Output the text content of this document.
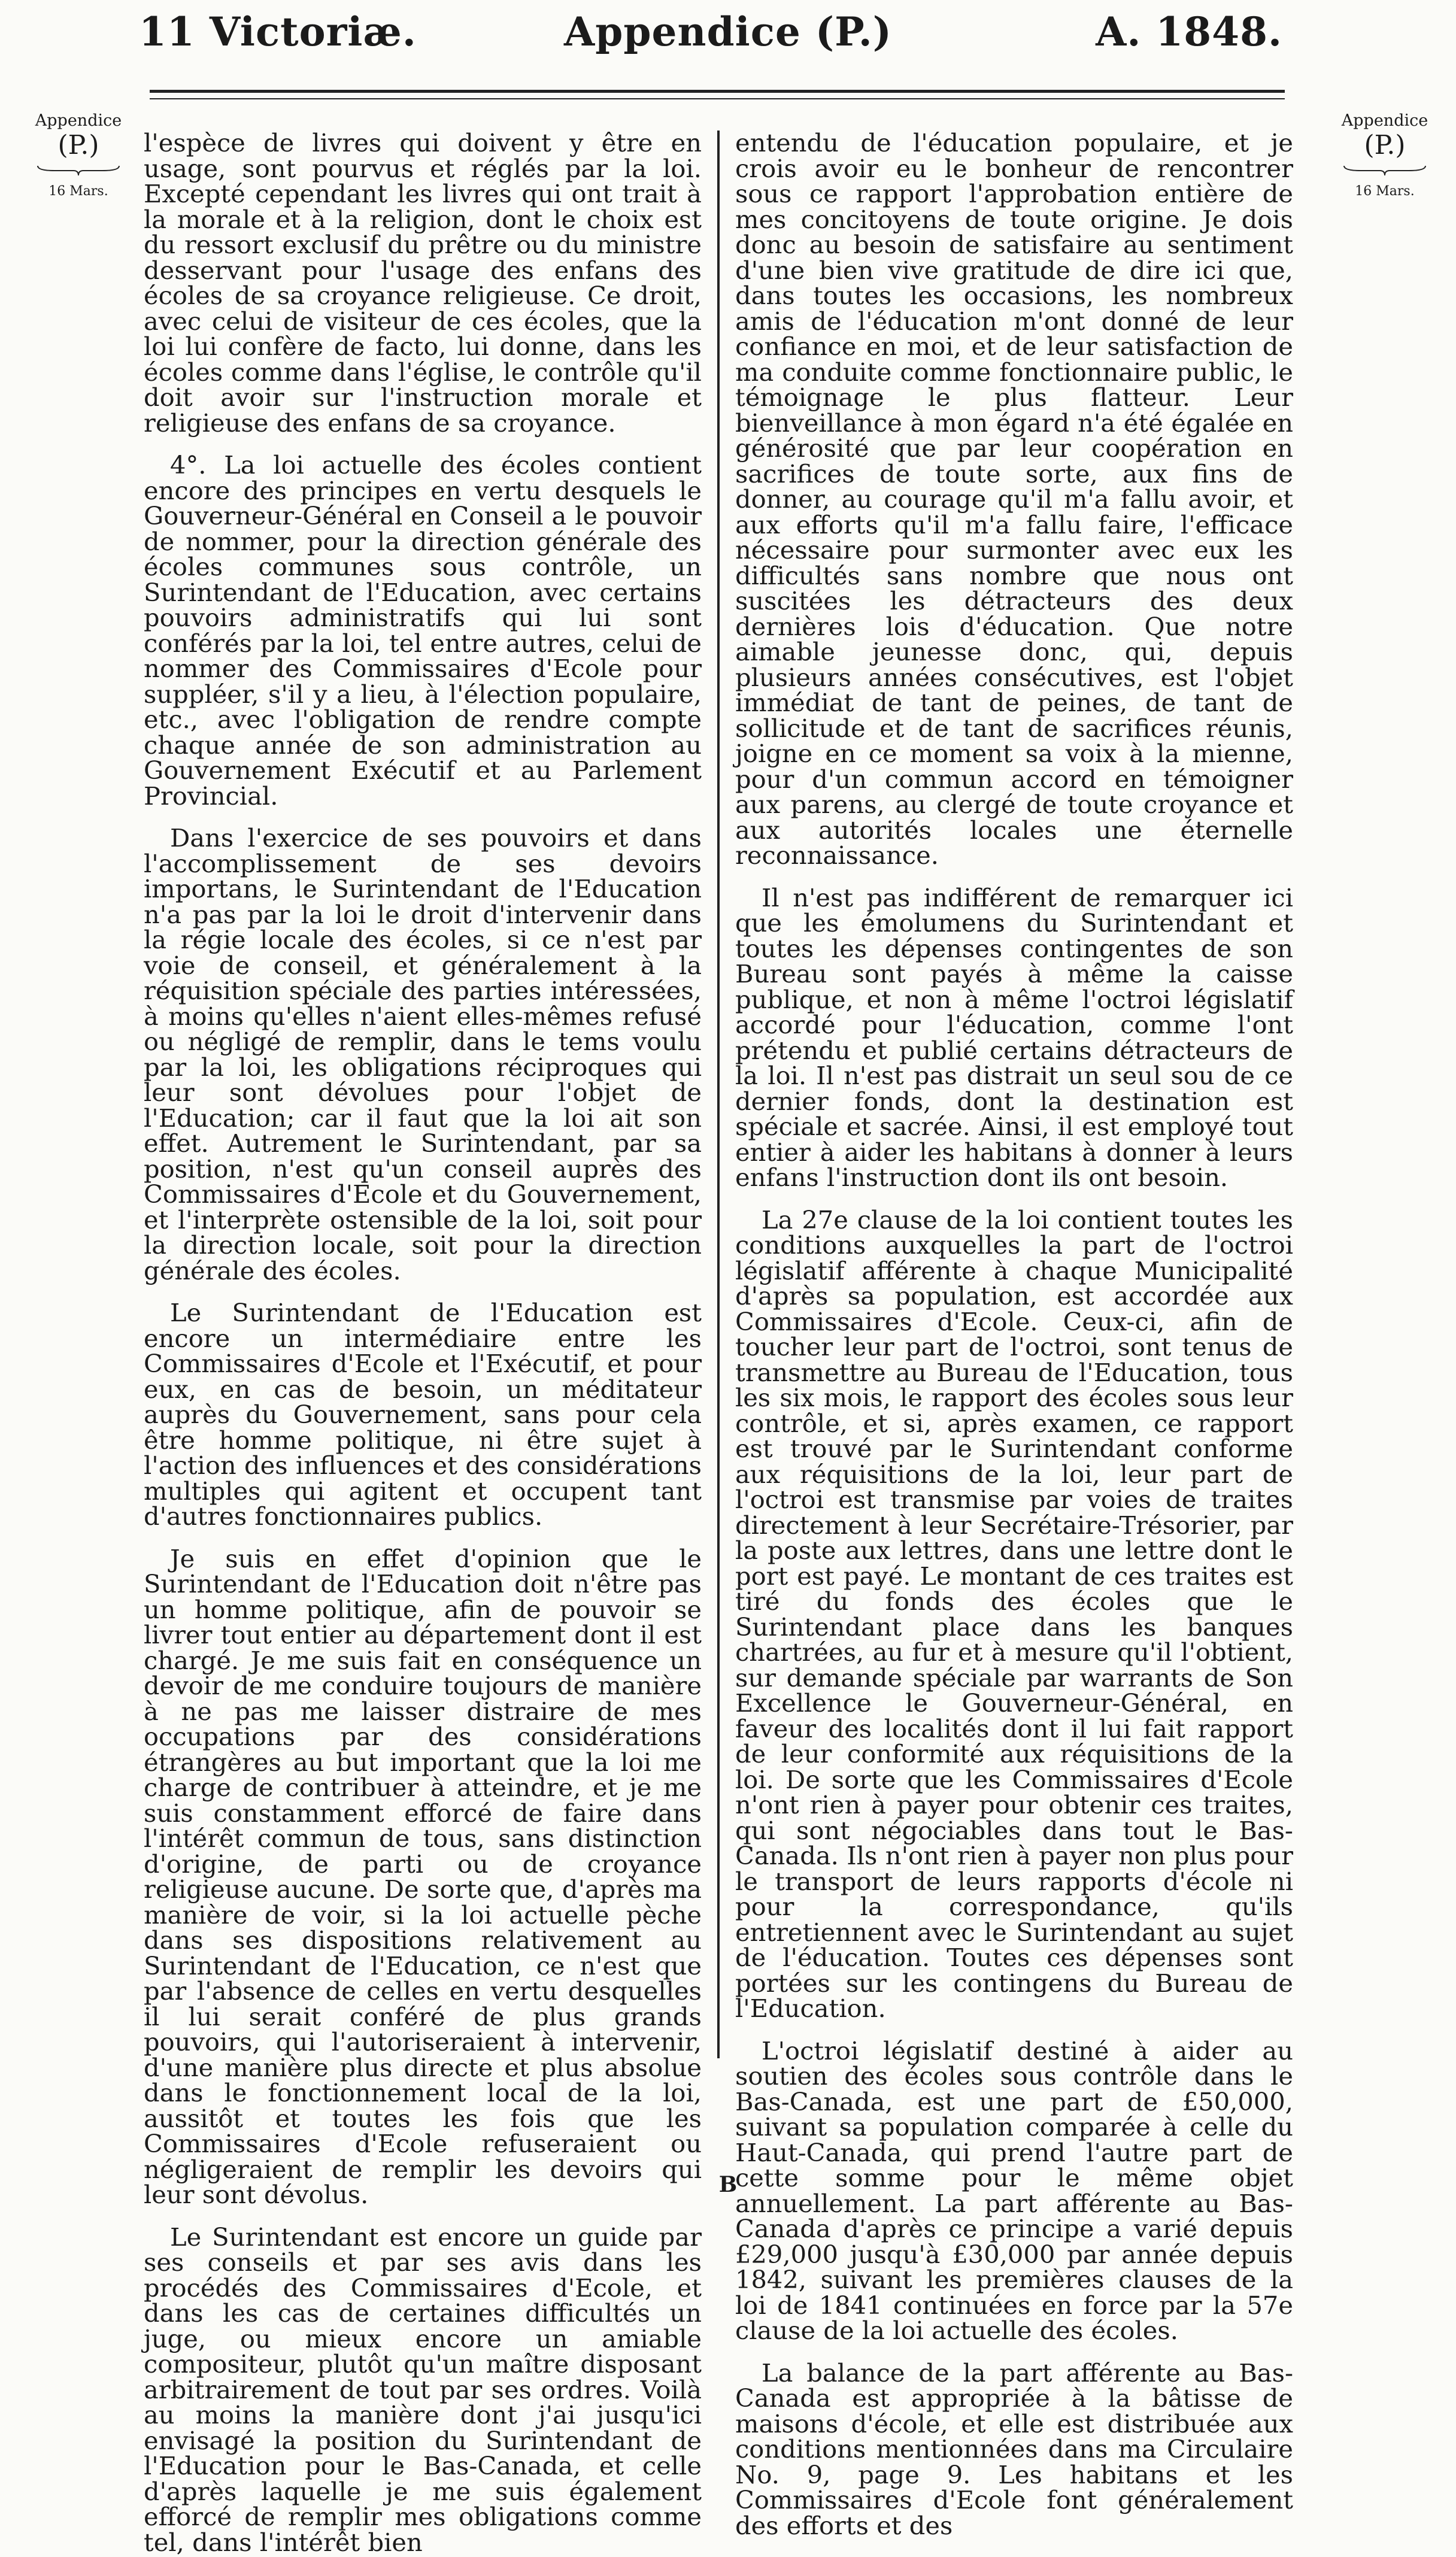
11 Victoriæ.	Appendice (P.)	A. 1848.
Appendice
(P.)
16 Mars.
Appendice
(P.)
16 Mars.

l'espèce de livres qui doivent y être en usage, sont pourvus et réglés par la loi. Excepté cependant les livres qui ont trait à la morale et à la religion, dont le choix est du ressort exclusif du prêtre ou du ministre desservant pour l'usage des enfans des écoles de sa croyance religieuse. Ce droit, avec celui de visiteur de ces écoles, que la loi lui confère de facto, lui donne, dans les écoles comme dans l'église, le contrôle qu'il doit avoir sur l'instruction morale et religieuse des enfans de sa croyance.

4°. La loi actuelle des écoles contient encore des principes en vertu desquels le Gouverneur-Général en Conseil a le pouvoir de nommer, pour la direction générale des écoles communes sous contrôle, un Surintendant de l'Education, avec certains pouvoirs administratifs qui lui sont conférés par la loi, tel entre autres, celui de nommer des Commissaires d'Ecole pour suppléer, s'il y a lieu, à l'élection populaire, etc., avec l'obligation de rendre compte chaque année de son administration au Gouvernement Exécutif et au Parlement Provincial.

Dans l'exercice de ses pouvoirs et dans l'accomplissement de ses devoirs importans, le Surintendant de l'Education n'a pas par la loi le droit d'intervenir dans la régie locale des écoles, si ce n'est par voie de conseil, et généralement à la réquisition spéciale des parties intéressées, à moins qu'elles n'aient elles-mêmes refusé ou négligé de remplir, dans le tems voulu par la loi, les obligations réciproques qui leur sont dévolues pour l'objet de l'Education; car il faut que la loi ait son effet. Autrement le Surintendant, par sa position, n'est qu'un conseil auprès des Commissaires d'Ecole et du Gouvernement, et l'interprète ostensible de la loi, soit pour la direction locale, soit pour la direction générale des écoles.

Le Surintendant de l'Education est encore un intermédiaire entre les Commissaires d'Ecole et l'Exécutif, et pour eux, en cas de besoin, un méditateur auprès du Gouvernement, sans pour cela être homme politique, ni être sujet à l'action des influences et des considérations multiples qui agitent et occupent tant d'autres fonctionnaires publics.

Je suis en effet d'opinion que le Surintendant de l'Education doit n'être pas un homme politique, afin de pouvoir se livrer tout entier au département dont il est chargé. Je me suis fait en conséquence un devoir de me conduire toujours de manière à ne pas me laisser distraire de mes occupations par des considérations étrangères au but important que la loi me charge de contribuer à atteindre, et je me suis constamment efforcé de faire dans l'intérêt commun de tous, sans distinction d'origine, de parti ou de croyance religieuse aucune. De sorte que, d'après ma manière de voir, si la loi actuelle pèche dans ses dispositions relativement au Surintendant de l'Education, ce n'est que par l'absence de celles en vertu desquelles il lui serait conféré de plus grands pouvoirs, qui l'autoriseraient à intervenir, d'une manière plus directe et plus absolue dans le fonctionnement local de la loi, aussitôt et toutes les fois que les Commissaires d'Ecole refuseraient ou négligeraient de remplir les devoirs qui leur sont dévolus.

Le Surintendant est encore un guide par ses conseils et par ses avis dans les procédés des Commissaires d'Ecole, et dans les cas de certaines difficultés un juge, ou mieux encore un amiable compositeur, plutôt qu'un maître disposant arbitrairement de tout par ses ordres. Voilà au moins la manière dont j'ai jusqu'ici envisagé la position du Surintendant de l'Education pour le Bas-Canada, et celle d'après laquelle je me suis également efforcé de remplir mes obligations comme tel, dans l'intérêt bien

entendu de l'éducation populaire, et je crois avoir eu le bonheur de rencontrer sous ce rapport l'approbation entière de mes concitoyens de toute origine. Je dois donc au besoin de satisfaire au sentiment d'une bien vive gratitude de dire ici que, dans toutes les occasions, les nombreux amis de l'éducation m'ont donné de leur confiance en moi, et de leur satisfaction de ma conduite comme fonctionnaire public, le témoignage le plus flatteur. Leur bienveillance à mon égard n'a été égalée en générosité que par leur coopération en sacrifices de toute sorte, aux fins de donner, au courage qu'il m'a fallu avoir, et aux efforts qu'il m'a fallu faire, l'efficace nécessaire pour surmonter avec eux les difficultés sans nombre que nous ont suscitées les détracteurs des deux dernières lois d'éducation. Que notre aimable jeunesse donc, qui, depuis plusieurs années consécutives, est l'objet immédiat de tant de peines, de tant de sollicitude et de tant de sacrifices réunis, joigne en ce moment sa voix à la mienne, pour d'un commun accord en témoigner aux parens, au clergé de toute croyance et aux autorités locales une éternelle reconnaissance.

Il n'est pas indifférent de remarquer ici que les émolumens du Surintendant et toutes les dépenses contingentes de son Bureau sont payés à même la caisse publique, et non à même l'octroi législatif accordé pour l'éducation, comme l'ont prétendu et publié certains détracteurs de la loi. Il n'est pas distrait un seul sou de ce dernier fonds, dont la destination est spéciale et sacrée. Ainsi, il est employé tout entier à aider les habitans à donner à leurs enfans l'instruction dont ils ont besoin.

La 27e clause de la loi contient toutes les conditions auxquelles la part de l'octroi législatif afférente à chaque Municipalité d'après sa population, est accordée aux Commissaires d'Ecole. Ceux-ci, afin de toucher leur part de l'octroi, sont tenus de transmettre au Bureau de l'Education, tous les six mois, le rapport des écoles sous leur contrôle, et si, après examen, ce rapport est trouvé par le Surintendant conforme aux réquisitions de la loi, leur part de l'octroi est transmise par voies de traites directement à leur Secrétaire-Trésorier, par la poste aux lettres, dans une lettre dont le port est payé. Le montant de ces traites est tiré du fonds des écoles que le Surintendant place dans les banques chartrées, au fur et à mesure qu'il l'obtient, sur demande spéciale par warrants de Son Excellence le Gouverneur-Général, en faveur des localités dont il lui fait rapport de leur conformité aux réquisitions de la loi. De sorte que les Commissaires d'Ecole n'ont rien à payer pour obtenir ces traites, qui sont négociables dans tout le Bas-Canada. Ils n'ont rien à payer non plus pour le transport de leurs rapports d'école ni pour la correspondance, qu'ils entretiennent avec le Surintendant au sujet de l'éducation. Toutes ces dépenses sont portées sur les contingens du Bureau de l'Education.

L'octroi législatif destiné à aider au soutien des écoles sous contrôle dans le Bas-Canada, est une part de £50,000, suivant sa population comparée à celle du Haut-Canada, qui prend l'autre part de cette somme pour le même objet annuellement. La part afférente au Bas-Canada d'après ce principe a varié depuis £29,000 jusqu'à £30,000 par année depuis 1842, suivant les premières clauses de la loi de 1841 continuées en force par la 57e clause de la loi actuelle des écoles.

La balance de la part afférente au Bas-Canada est appropriée à la bâtisse de maisons d'école, et elle est distribuée aux conditions mentionnées dans ma Circulaire No. 9, page 9. Les habitans et les Commissaires d'Ecole font généralement des efforts et des

B
